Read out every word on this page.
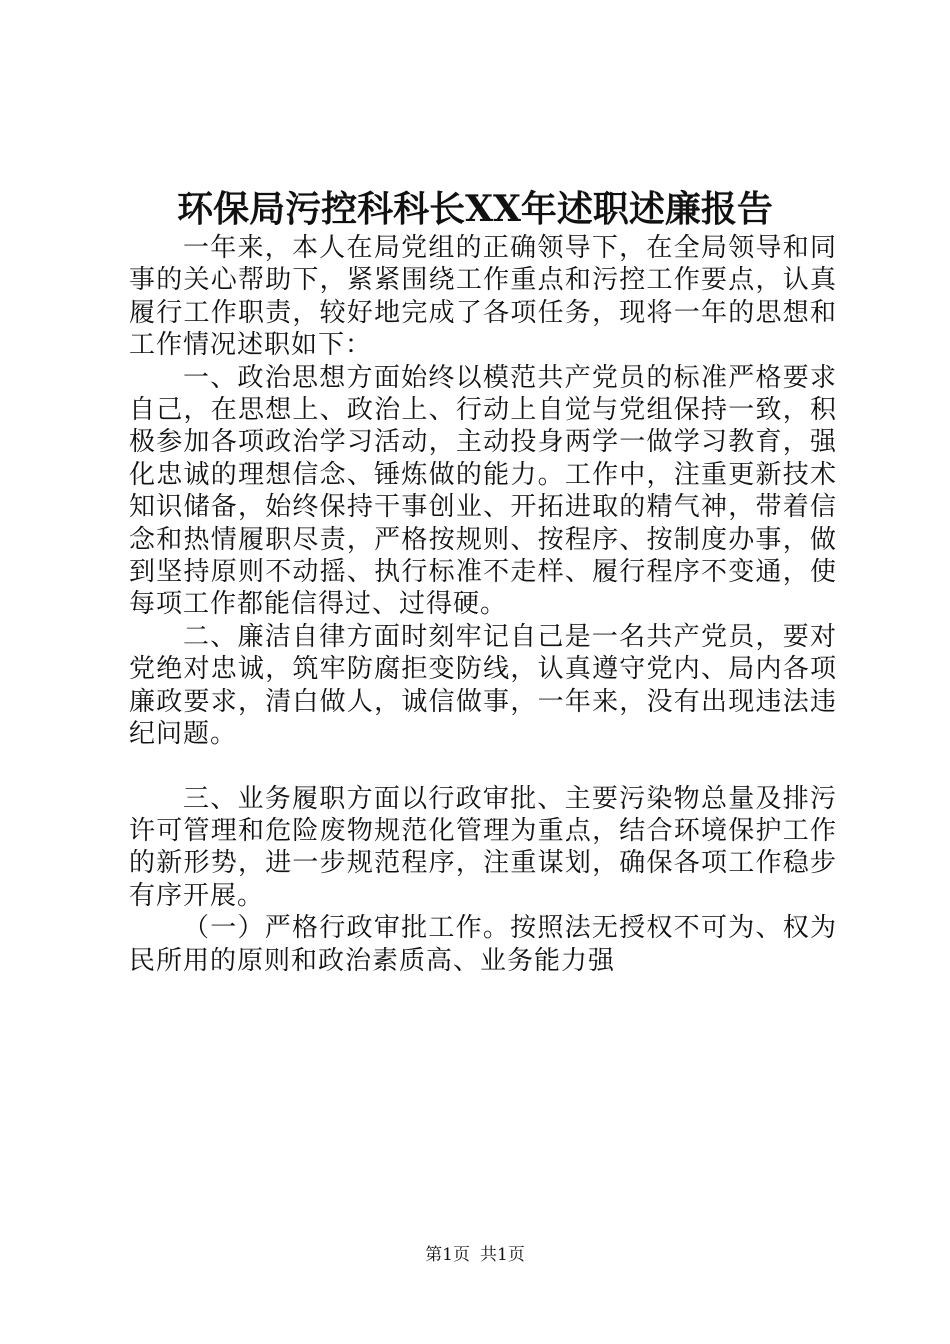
环保局污控科科长XX年述职述廉报告

一年来，本人在局党组的正确领导下，在全局领导和同事的关心帮助下，紧紧围绕工作重点和污控工作要点，认真履行工作职责，较好地完成了各项任务，现将一年的思想和工作情况述职如下：

一、政治思想方面始终以模范共产党员的标准严格要求自己，在思想上、政治上、行动上自觉与党组保持一致，积极参加各项政治学习活动，主动投身两学一做学习教育，强化忠诚的理想信念、锤炼做的能力。工作中，注重更新技术知识储备，始终保持干事创业、开拓进取的精气神，带着信念和热情履职尽责，严格按规则、按程序、按制度办事，做到坚持原则不动摇、执行标准不走样、履行程序不变通，使每项工作都能信得过、过得硬。

二、廉洁自律方面时刻牢记自己是一名共产党员，要对党绝对忠诚，筑牢防腐拒变防线，认真遵守党内、局内各项廉政要求，清白做人，诚信做事，一年来，没有出现违法违纪问题。

三、业务履职方面以行政审批、主要污染物总量及排污许可管理和危险废物规范化管理为重点，结合环境保护工作的新形势，进一步规范程序，注重谋划，确保各项工作稳步有序开展。

（一）严格行政审批工作。按照法无授权不可为、权为民所用的原则和政治素质高、业务能力强

第1页 共1页
